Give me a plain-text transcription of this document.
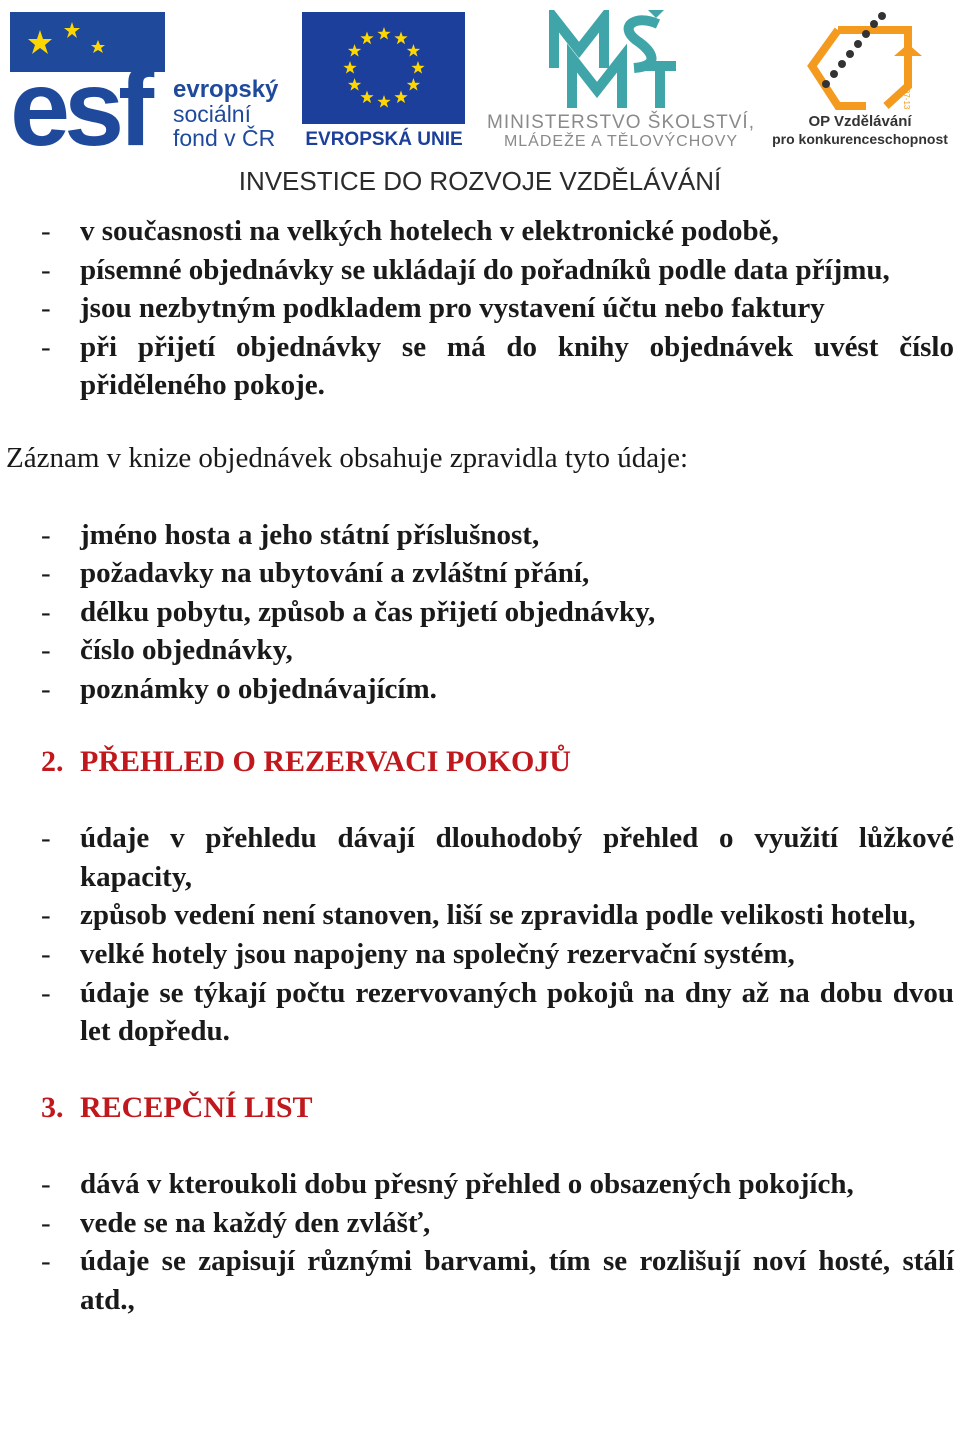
esf evropský
sociální
fond v ČR EVROPSKÁ UNIE
MINISTERSTVO ŠKOLSTVÍ,
MLÁDEŽE A TĚLOVÝCHOVY
2007-13
OP Vzdělávání
pro konkurenceschopnost
INVESTICE DO ROZVOJE VZDĚLÁVÁNÍ
- v současnosti na velkých hotelech v elektronické podobě,
- písemné objednávky se ukládají do pořadníků podle data příjmu,
- jsou nezbytným podkladem pro vystavení účtu nebo faktury
- při přijetí objednávky se má do knihy objednávek uvést číslo přiděleného pokoje.

Záznam v knize objednávek obsahuje zpravidla tyto údaje:

- jméno hosta a jeho státní příslušnost,
- požadavky na ubytování a zvláštní přání,
- délku pobytu, způsob a čas přijetí objednávky,
- číslo objednávky,
- poznámky o objednávajícím.
2. PŘEHLED O REZERVACI POKOJŮ
- údaje v přehledu dávají dlouhodobý přehled o využití lůžkové kapacity,
- způsob vedení není stanoven, liší se zpravidla podle velikosti hotelu,
- velké hotely jsou napojeny na společný rezervační systém,
- údaje se týkají počtu rezervovaných pokojů na dny až na dobu dvou let dopředu.
3. RECEPČNÍ LIST
- dává v kteroukoli dobu přesný přehled o obsazených pokojích,
- vede se na každý den zvlášť,
- údaje se zapisují různými barvami, tím se rozlišují noví hosté, stálí atd.,
